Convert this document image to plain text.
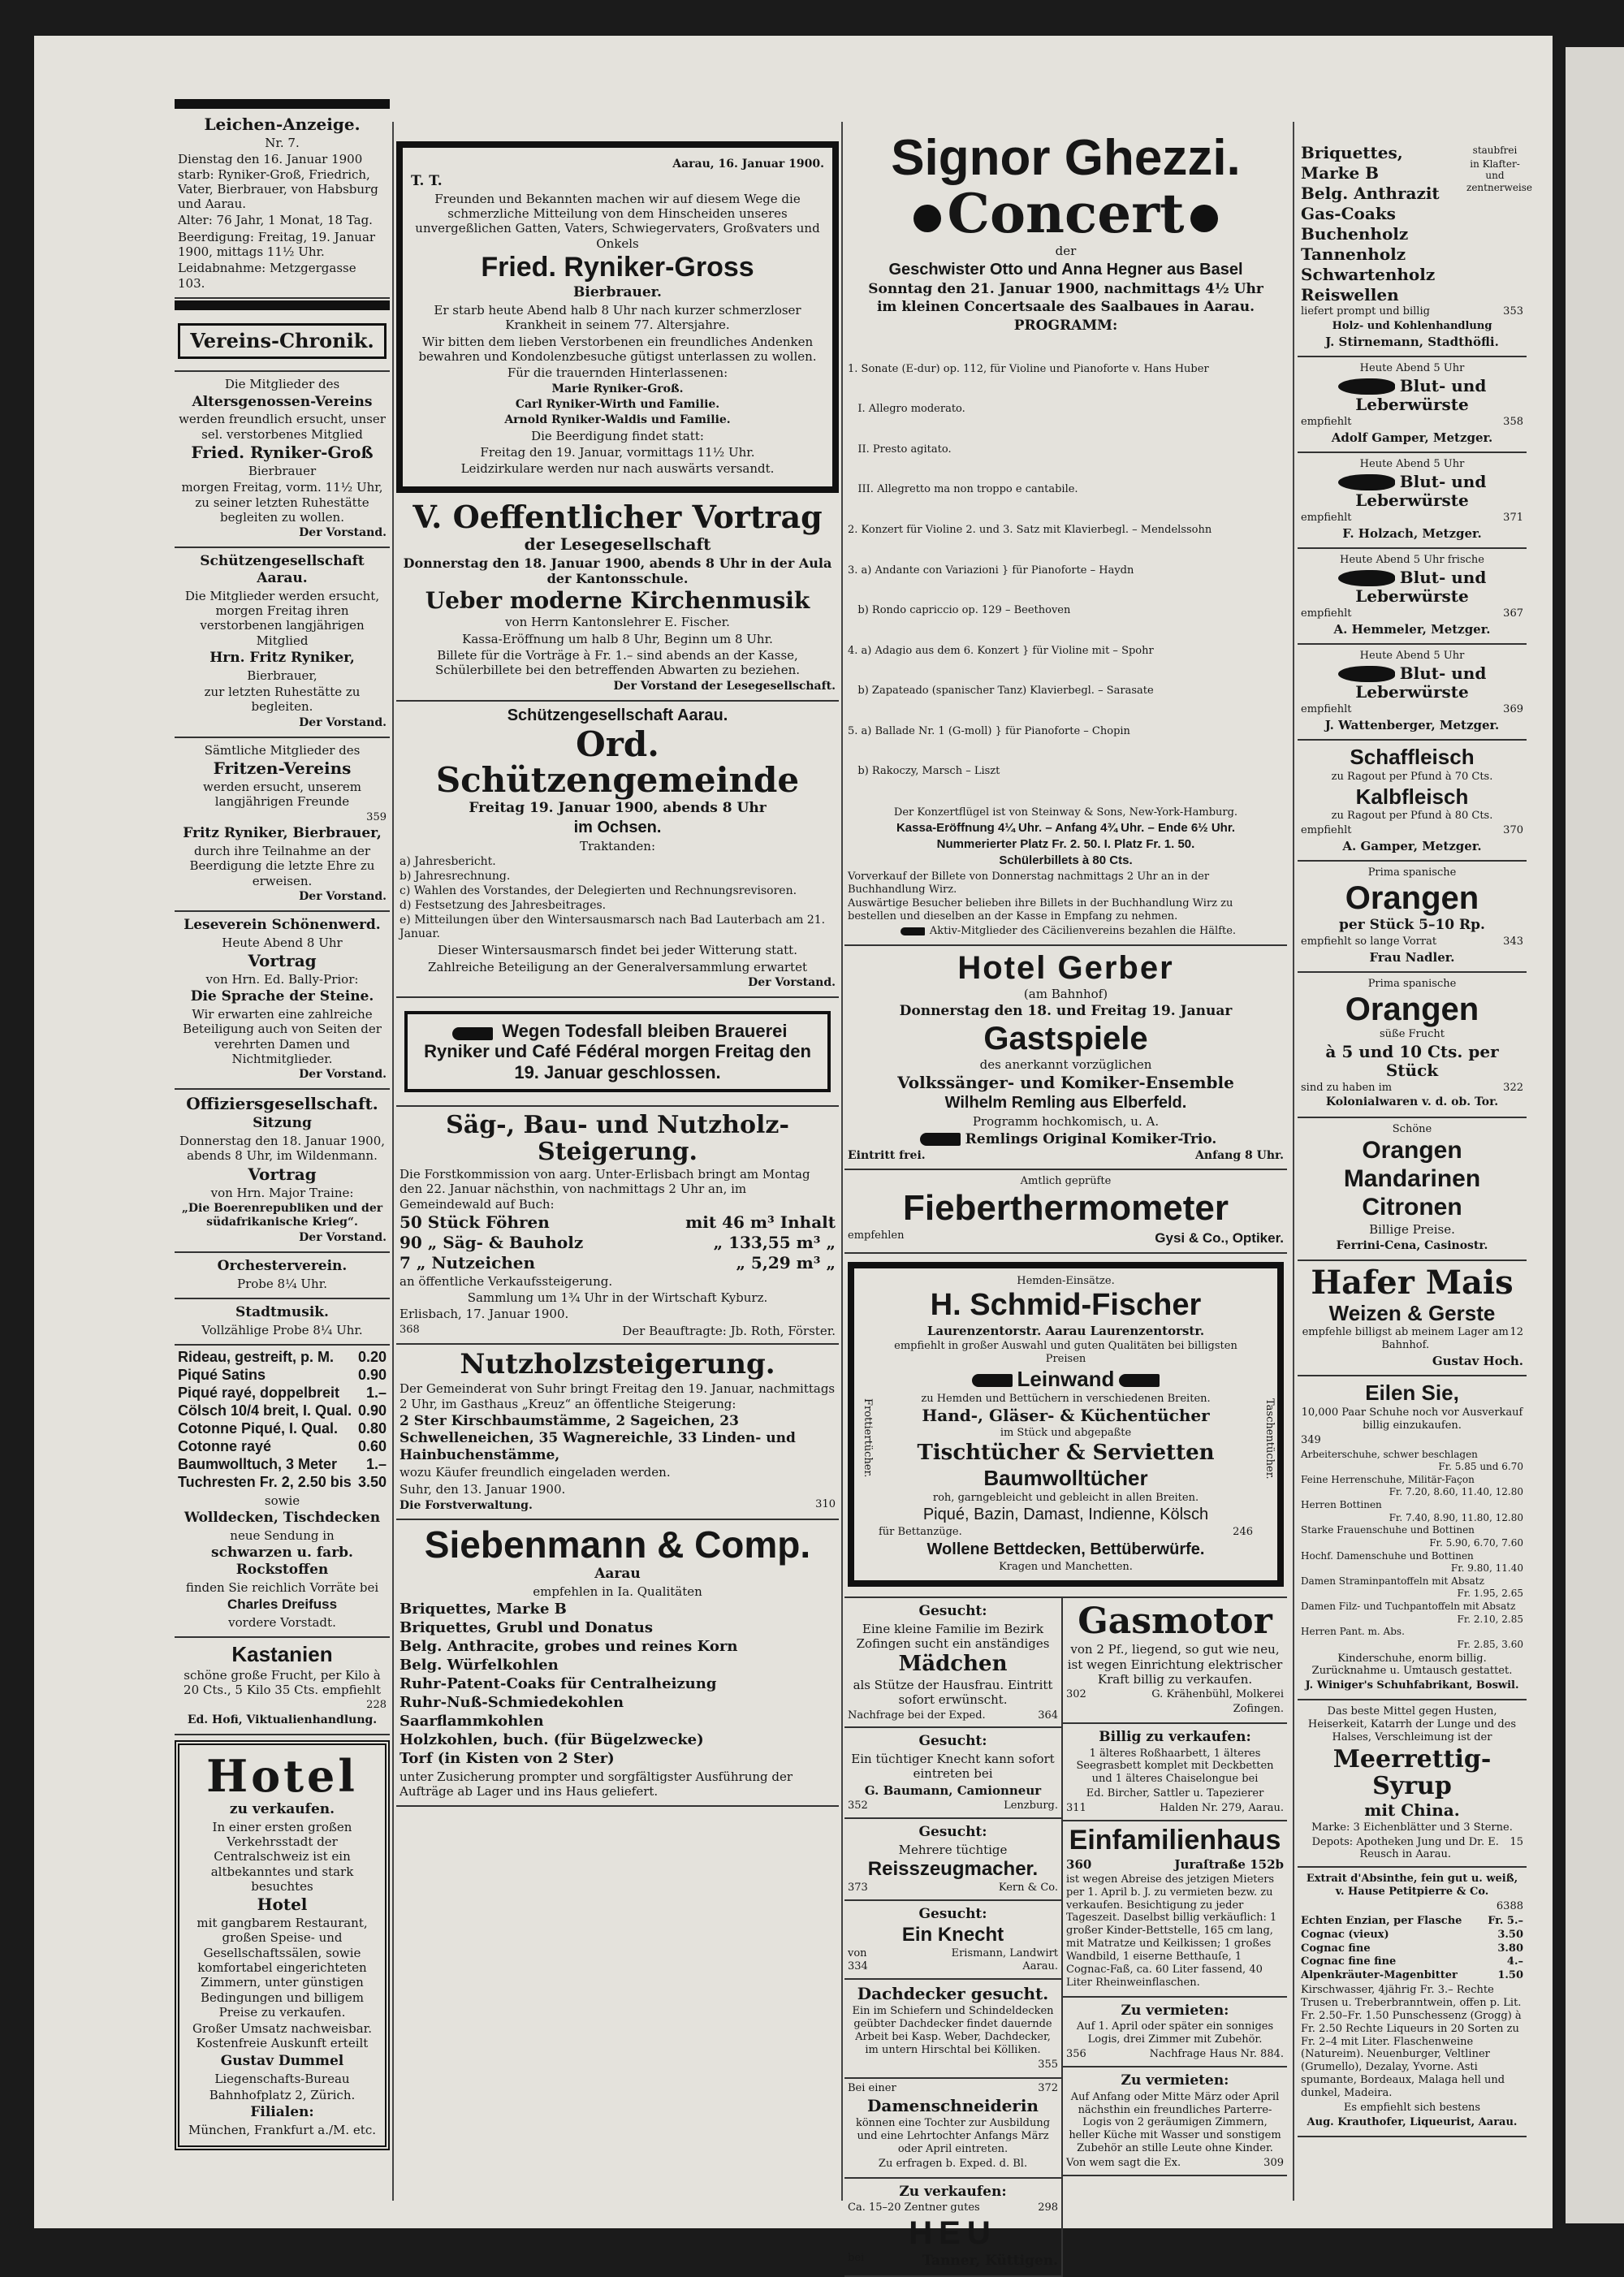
Leichen-Anzeige.

Nr. 7.

Dienstag den 16. Januar 1900 starb: Ryniker-Groß, Friedrich, Vater, Bierbrauer, von Habsburg und Aarau.

Alter: 76 Jahr, 1 Monat, 18 Tag.

Beerdigung: Freitag, 19. Januar 1900, mittags 11½ Uhr.

Leidabnahme: Metzgergasse 103.

Vereins-Chronik.

Die Mitglieder des

Altersgenossen-Vereins

werden freundlich ersucht, unser sel. verstorbenes Mitglied

Fried. Ryniker-Groß

Bierbrauer

morgen Freitag, vorm. 11½ Uhr, zu seiner letzten Ruhestätte begleiten zu wollen.

Der Vorstand.

Schützengesellschaft Aarau.

Die Mitglieder werden ersucht, morgen Freitag ihren verstorbenen langjährigen Mitglied

Hrn. Fritz Ryniker,

Bierbrauer,

zur letzten Ruhestätte zu begleiten.

Der Vorstand.

Sämtliche Mitglieder des

Fritzen-Vereins

werden ersucht, unserem langjährigen Freunde

359

Fritz Ryniker, Bierbrauer,

durch ihre Teilnahme an der Beerdigung die letzte Ehre zu erweisen.

Der Vorstand.

Leseverein Schönenwerd.

Heute Abend 8 Uhr

Vortrag

von Hrn. Ed. Bally-Prior:

Die Sprache der Steine.

Wir erwarten eine zahlreiche Beteiligung auch von Seiten der verehrten Damen und Nichtmitglieder.

Der Vorstand.

Offiziersgesellschaft.

Sitzung

Donnerstag den 18. Januar 1900, abends 8 Uhr, im Wildenmann.

Vortrag

von Hrn. Major Traine:

„Die Boerenrepubliken und der südafrikanische Krieg“.

Der Vorstand.

Orchesterverein.

Probe 8¼ Uhr.

Stadtmusik.

Vollzählige Probe 8¼ Uhr.

Rideau, gestreift, p. M. 0.20
Piqué Satins	0.90
Piqué rayé, doppelbreit 1.–
Cölsch 10/4 breit, I. Qual. 0.90
Cotonne Piqué, I. Qual. 0.80
Cotonne rayé	0.60
Baumwolltuch, 3 Meter 1.–
Tuchresten Fr. 2, 2.50 bis 3.50

sowie

Wolldecken, Tischdecken

neue Sendung in

schwarzen u. farb. Rockstoffen

finden Sie reichlich Vorräte bei

Charles Dreifuss

vordere Vorstadt.

Kastanien

schöne große Frucht, per Kilo à 20 Cts., 5 Kilo 35 Cts. empfiehlt

228

Ed. Hofi, Viktualienhandlung.

Hotel

zu verkaufen.

In einer ersten großen Verkehrsstadt der Centralschweiz ist ein altbekanntes und stark besuchtes

Hotel

mit gangbarem Restaurant, großen Speise- und Gesellschaftssälen, sowie komfortabel eingerichteten Zimmern, unter günstigen Bedingungen und billigem Preise zu verkaufen.

Großer Umsatz nachweisbar. Kostenfreie Auskunft erteilt

Gustav Dummel

Liegenschafts-Bureau

Bahnhofplatz 2, Zürich.

Filialen:

München, Frankfurt a./M. etc.

Aarau, 16. Januar 1900.

T. T.

Freunden und Bekannten machen wir auf diesem Wege die schmerzliche Mitteilung von dem Hinscheiden unseres unvergeßlichen Gatten, Vaters, Schwiegervaters, Großvaters und Onkels

Fried. Ryniker-Gross

Bierbrauer.

Er starb heute Abend halb 8 Uhr nach kurzer schmerzloser Krankheit in seinem 77. Altersjahre.

Wir bitten dem lieben Verstorbenen ein freundliches Andenken bewahren und Kondolenzbesuche gütigst unterlassen zu wollen.

Für die trauernden Hinterlassenen:

Marie Ryniker-Groß.

Carl Ryniker-Wirth und Familie.

Arnold Ryniker-Waldis und Familie.

Die Beerdigung findet statt:

Freitag den 19. Januar, vormittags 11½ Uhr.

Leidzirkulare werden nur nach auswärts versandt.

V. Oeffentlicher Vortrag

der Lesegesellschaft

Donnerstag den 18. Januar 1900, abends 8 Uhr in der Aula der Kantonsschule.

Ueber moderne Kirchenmusik

von Herrn Kantonslehrer E. Fischer.

Kassa-Eröffnung um halb 8 Uhr, Beginn um 8 Uhr.

Billete für die Vorträge à Fr. 1.– sind abends an der Kasse, Schülerbillete bei den betreffenden Abwarten zu beziehen.

Der Vorstand der Lesegesellschaft.

Schützengesellschaft Aarau.

Ord. Schützengemeinde

Freitag 19. Januar 1900, abends 8 Uhr

im Ochsen.

Traktanden:

a) Jahresbericht.
b) Jahresrechnung.
c) Wahlen des Vorstandes, der Delegierten und Rechnungsrevisoren.
d) Festsetzung des Jahresbeitrages.
e) Mitteilungen über den Wintersausmarsch nach Bad Lauterbach am 21. Januar.

Dieser Wintersausmarsch findet bei jeder Witterung statt.

Zahlreiche Beteiligung an der Generalversammlung erwartet

Der Vorstand.

Wegen Todesfall bleiben Brauerei Ryniker und Café Fédéral morgen Freitag den 19. Januar geschlossen.

Säg-, Bau- und Nutzholz-Steigerung.

Die Forstkommission von aarg. Unter-Erlisbach bringt am Montag den 22. Januar nächsthin, von nachmittags 2 Uhr an, im Gemeindewald auf Buch:

50 Stück Föhren	mit 46 m³ Inhalt
90 „ Säg- & Bauholz	„ 133,55 m³ „
7 „ Nutzeichen	„ 5,29 m³ „

an öffentliche Verkaufssteigerung.

Sammlung um 1¾ Uhr in der Wirtschaft Kyburz.

Erlisbach, 17. Januar 1900.

368	Der Beauftragte: Jb. Roth, Förster.

Nutzholzsteigerung.

Der Gemeinderat von Suhr bringt Freitag den 19. Januar, nachmittags 2 Uhr, im Gasthaus „Kreuz“ an öffentliche Steigerung:

2 Ster Kirschbaumstämme, 2 Sageichen, 23 Schwelleneichen, 35 Wagnereichle, 33 Linden- und Hainbuchenstämme,

wozu Käufer freundlich eingeladen werden.

Suhr, den 13. Januar 1900.

Die Forstverwaltung.	310

Siebenmann & Comp.

Aarau

empfehlen in Ia. Qualitäten

Briquettes, Marke B
Briquettes, Grubl und Donatus
Belg. Anthracite, grobes und reines Korn
Belg. Würfelkohlen
Ruhr-Patent-Coaks für Centralheizung
Ruhr-Nuß-Schmiedekohlen
Saarflammkohlen
Holzkohlen, buch. (für Bügelzwecke)
Torf (in Kisten von 2 Ster)

unter Zusicherung prompter und sorgfältigster Ausführung der Aufträge ab Lager und ins Haus geliefert.

Signor Ghezzi.

Concert

der

Geschwister Otto und Anna Hegner aus Basel

Sonntag den 21. Januar 1900, nachmittags 4½ Uhr

im kleinen Concertsaale des Saalbaues in Aarau.

PROGRAMM:

1. Sonate (E-dur) op. 112, für Violine und Pianoforte v. Hans Huber

I. Allegro moderato.

II. Presto agitato.

III. Allegretto ma non troppo e cantabile.

2. Konzert für Violine 2. und 3. Satz mit Klavierbegl. – Mendelssohn

3. a) Andante con Variazioni } für Pianoforte – Haydn

b) Rondo capriccio op. 129 – Beethoven

4. a) Adagio aus dem 6. Konzert } für Violine mit – Spohr

b) Zapateado (spanischer Tanz) Klavierbegl. – Sarasate

5. a) Ballade Nr. 1 (G-moll) } für Pianoforte – Chopin

b) Rakoczy, Marsch – Liszt

Der Konzertflügel ist von Steinway & Sons, New-York-Hamburg.

Kassa-Eröffnung 4¼ Uhr. – Anfang 4¾ Uhr. – Ende 6½ Uhr.

Nummerierter Platz Fr. 2. 50. I. Platz Fr. 1. 50.

Schülerbillets à 80 Cts.

Vorverkauf der Billete von Donnerstag nachmittags 2 Uhr an in der Buchhandlung Wirz.

Auswärtige Besucher belieben ihre Billets in der Buchhandlung Wirz zu bestellen und dieselben an der Kasse in Empfang zu nehmen.

Aktiv-Mitglieder des Cäcilienvereins bezahlen die Hälfte.

Hotel Gerber

(am Bahnhof)

Donnerstag den 18. und Freitag 19. Januar

Gastspiele

des anerkannt vorzüglichen

Volkssänger- und Komiker-Ensemble

Wilhelm Remling aus Elberfeld.

Programm hochkomisch, u. A.

Remlings Original Komiker-Trio.

Eintritt frei.	Anfang 8 Uhr.

Amtlich geprüfte

Fieberthermometer

empfehlen	Gysi & Co., Optiker.

Hemden-Einsätze.

H. Schmid-Fischer

Laurenzentorstr. Aarau Laurenzentorstr.

empfiehlt in großer Auswahl und guten Qualitäten bei billigsten Preisen

Leinwand

zu Hemden und Bettüchern in verschiedenen Breiten.

Hand-, Gläser- & Küchentücher

im Stück und abgepaßte

Tischtücher & Servietten

Baumwolltücher

roh, garngebleicht und gebleicht in allen Breiten.

Piqué, Bazin, Damast, Indienne, Kölsch

für Bettanzüge.	246

Wollene Bettdecken, Bettüberwürfe.

Kragen und Manchetten.

Frottiertücher.	Taschentücher.

Gesucht:

Eine kleine Familie im Bezirk Zofingen sucht ein anständiges

Mädchen

als Stütze der Hausfrau. Eintritt sofort erwünscht.

Nachfrage bei der Exped.	364

Gesucht:

Ein tüchtiger Knecht kann sofort eintreten bei

G. Baumann, Camionneur

352	Lenzburg.

Gesucht:

Mehrere tüchtige

Reisszeugmacher.

373	Kern & Co.

Gesucht:

Ein Knecht

von	Erismann, Landwirt
334	Aarau.

Dachdecker gesucht.

Ein im Schiefern und Schindeldecken geübter Dachdecker findet dauernde Arbeit bei Kasp. Weber, Dachdecker, im untern Hirschtal bei Kölliken.

355

Bei einer	372

Damenschneiderin

können eine Tochter zur Ausbildung und eine Lehrtochter Anfangs März oder April eintreten.

Zu erfragen b. Exped. d. Bl.

Zu verkaufen:

Ca. 15–20 Zentner gutes	298

HEU

bei	Tanner, Küttigen.

Gasmotor

von 2 Pf., liegend, so gut wie neu, ist wegen Einrichtung elektrischer Kraft billig zu verkaufen.

302	G. Krähenbühl, Molkerei

Zofingen.

Billig zu verkaufen:

1 älteres Roßhaarbett, 1 älteres Seegrasbett komplet mit Deckbetten und 1 älteres Chaiselongue bei

Ed. Bircher, Sattler u. Tapezierer

311	Halden Nr. 279, Aarau.

Einfamilienhaus

360	Juraſtraße 152b

ist wegen Abreise des jetzigen Mieters per 1. April b. J. zu vermieten bezw. zu verkaufen. Besichtigung zu jeder Tageszeit. Daselbst billig verkäuflich: 1 großer Kinder-Bettstelle, 165 cm lang, mit Matratze und Keilkissen; 1 großes Wandbild, 1 eiserne Betthauſe, 1 Cognac-Faß, ca. 60 Liter fassend, 40 Liter Rheinweinflaschen.

Zu vermieten:

Auf 1. April oder später ein sonniges Logis, drei Zimmer mit Zubehör.

356	Nachfrage Haus Nr. 884.

Zu vermieten:

Auf Anfang oder Mitte März oder April nächsthin ein freundliches Parterre-Logis von 2 geräumigen Zimmern, heller Küche mit Wasser und sonstigem Zubehör an stille Leute ohne Kinder.

Von wem sagt die Ex.	309
Briquettes, Marke B
Belg. Anthrazit
Gas-Coaks
Buchenholz
Tannenholz
Schwartenholz
Reiswellen

staubfrei

in Klafter- und zentnerweise

liefert prompt und billig	353

Holz- und Kohlenhandlung

J. Stirnemann, Stadthöfli.

Heute Abend 5 Uhr

Blut- und Leberwürste

empfiehlt	358

Adolf Gamper, Metzger.

Heute Abend 5 Uhr

Blut- und Leberwürste

empfiehlt	371

F. Holzach, Metzger.

Heute Abend 5 Uhr frische

Blut- und Leberwürste

empfiehlt	367

A. Hemmeler, Metzger.

Heute Abend 5 Uhr

Blut- und Leberwürste

empfiehlt	369

J. Wattenberger, Metzger.

Schaffleisch

zu Ragout per Pfund à 70 Cts.

Kalbfleisch

zu Ragout per Pfund à 80 Cts.

empfiehlt	370

A. Gamper, Metzger.

Prima spanische

Orangen

per Stück 5–10 Rp.

empfiehlt so lange Vorrat	343

Frau Nadler.

Prima spanische

Orangen

süße Frucht

à 5 und 10 Cts. per Stück

sind zu haben im	322

Kolonialwaren v. d. ob. Tor.

Schöne

Orangen

Mandarinen

Citronen

Billige Preise.

Ferrini-Cena, Casinostr.

Hafer Mais

Weizen & Gerste

empfehle billigst ab meinem Lager am Bahnhof.
12

Gustav Hoch.

Eilen Sie,

10,000 Paar Schuhe noch vor Ausverkauf billig einzukaufen.

349

Arbeiterschuhe, schwer beschlagen
Fr. 5.85 und 6.70
Feine Herrenschuhe, Militär-Façon
Fr. 7.20, 8.60, 11.40, 12.80
Herren Bottinen
Fr. 7.40, 8.90, 11.80, 12.80
Starke Frauenschuhe und Bottinen
Fr. 5.90, 6.70, 7.60
Hochf. Damenschuhe und Bottinen
Fr. 9.80, 11.40
Damen Straminpantoffeln mit Absatz
Fr. 1.95, 2.65
Damen Filz- und Tuchpantoffeln mit Absatz
Fr. 2.10, 2.85
Herren Pant. m. Abs.
Fr. 2.85, 3.60

Kinderschuhe, enorm billig. Zurücknahme u. Umtausch gestattet.

J. Winiger's Schuhfabrikant, Boswil.

Das beste Mittel gegen Husten, Heiserkeit, Katarrh der Lunge und des Halses, Verschleimung ist der

Meerrettig-Syrup

mit China.

Marke: 3 Eichenblätter und 3 Sterne.

Depots: Apotheken Jung und Dr. E. Reusch in Aarau.
15

Extrait d'Absinthe, fein gut u. weiß, v. Hause Petitpierre & Co.

6388

Echten Enzian, per Flasche Fr. 5.–
Cognac (vieux)	3.50
Cognac fine	3.80
Cognac fine fine	4.–
Alpenkräuter-Magenbitter	1.50

Kirschwasser, 4jährig Fr. 3.– Rechte Trusen u. Treberbranntwein, offen p. Lit. Fr. 2.50–Fr. 1.50 Punschessenz (Grogg) à Fr. 2.50 Rechte Liqueurs in 20 Sorten zu Fr. 2–4 mit Liter. Flaschenweine (Natureim). Neuenburger, Veltliner (Grumello), Dezalay, Yvorne. Asti spumante, Bordeaux, Malaga hell und dunkel, Madeira.

Es empfiehlt sich bestens

Aug. Krauthofer, Liqueurist, Aarau.
